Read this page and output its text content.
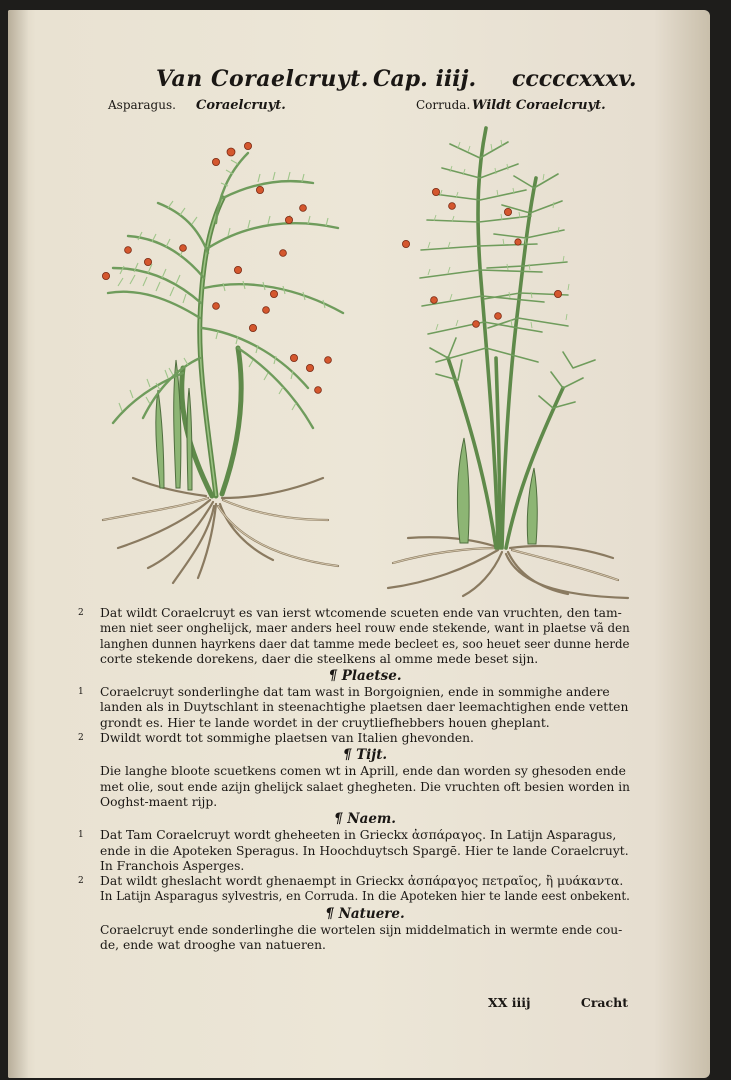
Van Coraelcruyt. Cap. iiij. cccccxxxv.
Asparagus. Coraelcruyt.	Corruda. Wildt Coraelcruyt.
2 Dat wildt Coraelcruyt es van ierst wtcomende scueten ende van vruchten, den tam-
men niet seer onghelijck, maer anders heel rouw ende stekende, want in plaetse vã den
langhen dunnen hayrkens daer dat tamme mede becleet es, soo heuet seer dunne herde
corte stekende dorekens, daer die steelkens al omme mede beset sijn.
¶ Plaetse.
1 Coraelcruyt sonderlinghe dat tam wast in Borgoignien, ende in sommighe andere
landen als in Duytschlant in steenachtighe plaetsen daer leemachtighen ende vetten
grondt es. Hier te lande wordet in der cruytliefhebbers houen gheplant.
2 Dwildt wordt tot sommighe plaetsen van Italien ghevonden.
¶ Tijt.
Die langhe bloote scuetkens comen wt in Aprill, ende dan worden sy ghesoden ende
met olie, sout ende azijn ghelijck salaet ghegheten. Die vruchten oft besien worden in
Ooghst-maent rijp.
¶ Naem.
1 Dat Tam Coraelcruyt wordt gheheeten in Grieckx ἀσπάραγος. In Latijn Asparagus,
ende in die Apoteken Speragus. In Hoochduytsch Spargē. Hier te lande Coraelcruyt.
In Franchois Asperges.
2 Dat wildt gheslacht wordt ghenaempt in Grieckx ἀσπάραγος πετραῖος, ἢ μυάκαντα.
In Latijn Asparagus sylvestris, en Corruda. In die Apoteken hier te lande eest onbekent.
¶ Natuere.
Coraelcruyt ende sonderlinghe die wortelen sijn middelmatich in wermte ende cou-
de, ende wat drooghe van natueren.
XX iiij	Cracht
